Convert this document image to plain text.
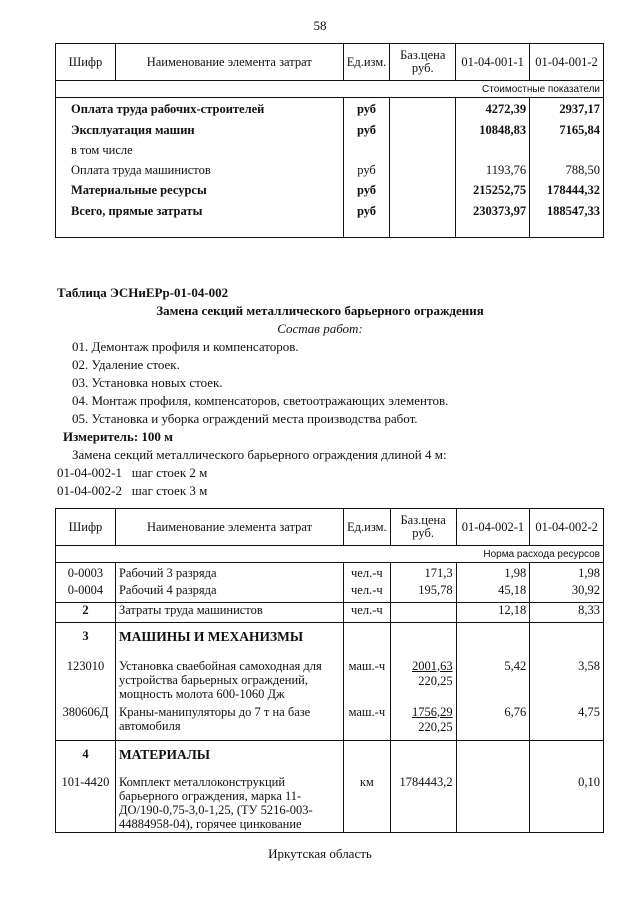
58
Шифр	Наименование элемента затрат	Ед.изм.	Баз.цена
руб.	01-04-001-1	01-04-001-2
Стоимостные показатели					

Оплата труда рабочих-строителей		руб		4272,39	2937,17
Эксплуатация машин		руб		10848,83	7165,84
в том числе					
Оплата труда машинистов		руб		1193,76	788,50
Материальные ресурсы		руб		215252,75	178444,32
Всего, прямые затраты		руб		230373,97	188547,33

Таблица ЭСНиЕРр-01-04-002
Замена секций металлического барьерного ограждения
Состав работ:
01. Демонтаж профиля и компенсаторов.
02. Удаление стоек.
03. Установка новых стоек.
04. Монтаж профиля, компенсаторов, светоотражающих элементов.
05. Установка и уборка ограждений места производства работ.
Измеритель: 100 м
Замена секций металлического барьерного ограждения длиной 4 м:
01-04-002-1 шаг стоек 2 м
01-04-002-2 шаг стоек 3 м
Шифр	Наименование элемента затрат	Ед.изм.	Баз.цена
руб.	01-04-002-1	01-04-002-2
Норма расхода ресурсов					
0-0003	Рабочий 3 разряда	чел.-ч	171,3	1,98	1,98
0-0004	Рабочий 4 разряда	чел.-ч	195,78	45,18	30,92
2	Затраты труда машинистов	чел.-ч		12,18	8,33
3	МАШИНЫ И МЕХАНИЗМЫ				
123010	Установка сваебойная самоходная для
устройства барьерных ограждений,
мощность молота 600-1060 Дж	маш.-ч	2001,63
220,25	5,42	3,58
380606Д	Краны-манипуляторы до 7 т на базе
автомобиля	маш.-ч	1756,29
220,25	6,76	4,75
4	МАТЕРИАЛЫ				
101-4420	Комплект металлоконструкций
барьерного ограждения, марка 11-
ДО/190-0,75-3,0-1,25, (ТУ 5216-003-
44884958-04), горячее цинкование	км	1784443,2		0,10
Иркутская область
